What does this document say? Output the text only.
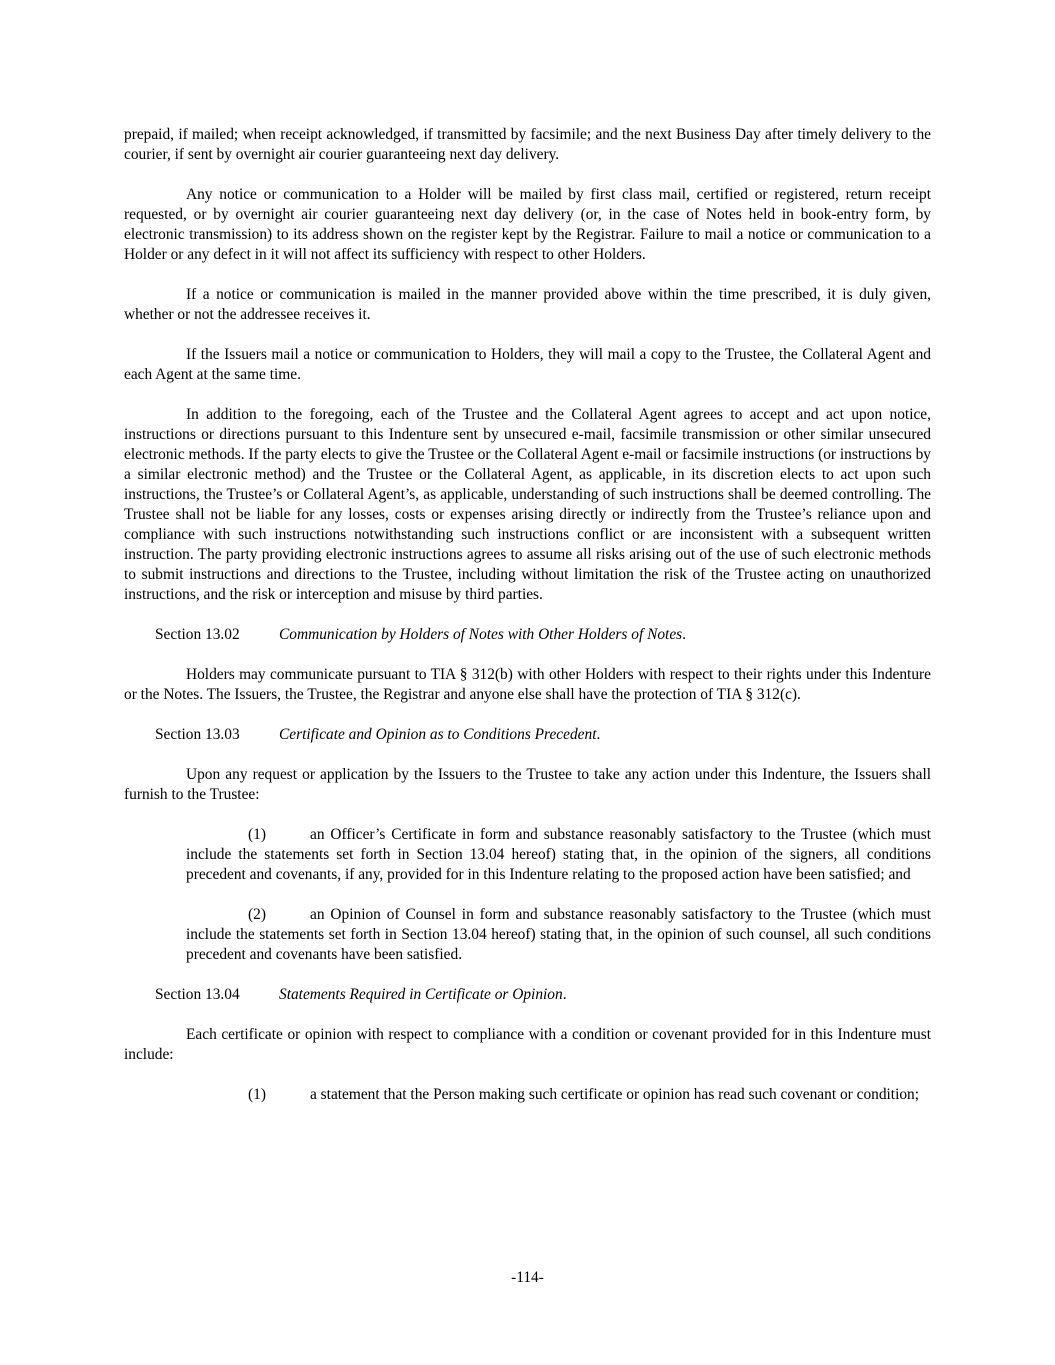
prepaid, if mailed; when receipt acknowledged, if transmitted by facsimile; and the next Business Day after timely delivery to the courier, if sent by overnight air courier guaranteeing next day delivery.

Any notice or communication to a Holder will be mailed by first class mail, certified or registered, return receipt requested, or by overnight air courier guaranteeing next day delivery (or, in the case of Notes held in book-entry form, by electronic transmission) to its address shown on the register kept by the Registrar. Failure to mail a notice or communication to a Holder or any defect in it will not affect its sufficiency with respect to other Holders.

If a notice or communication is mailed in the manner provided above within the time prescribed, it is duly given, whether or not the addressee receives it.

If the Issuers mail a notice or communication to Holders, they will mail a copy to the Trustee, the Collateral Agent and each Agent at the same time.

In addition to the foregoing, each of the Trustee and the Collateral Agent agrees to accept and act upon notice, instructions or directions pursuant to this Indenture sent by unsecured e-mail, facsimile transmission or other similar unsecured electronic methods. If the party elects to give the Trustee or the Collateral Agent e-mail or facsimile instructions (or instructions by a similar electronic method) and the Trustee or the Collateral Agent, as applicable, in its discretion elects to act upon such instructions, the Trustee’s or Collateral Agent’s, as applicable, understanding of such instructions shall be deemed controlling. The Trustee shall not be liable for any losses, costs or expenses arising directly or indirectly from the Trustee’s reliance upon and compliance with such instructions notwithstanding such instructions conflict or are inconsistent with a subsequent written instruction. The party providing electronic instructions agrees to assume all risks arising out of the use of such electronic methods to submit instructions and directions to the Trustee, including without limitation the risk of the Trustee acting on unauthorized instructions, and the risk or interception and misuse by third parties.

Section 13.02	Communication by Holders of Notes with Other Holders of Notes.

Holders may communicate pursuant to TIA § 312(b) with other Holders with respect to their rights under this Indenture or the Notes. The Issuers, the Trustee, the Registrar and anyone else shall have the protection of TIA § 312(c).

Section 13.03	Certificate and Opinion as to Conditions Precedent.

Upon any request or application by the Issuers to the Trustee to take any action under this Indenture, the Issuers shall furnish to the Trustee:

(1)	an Officer’s Certificate in form and substance reasonably satisfactory to the Trustee (which must include the statements set forth in Section 13.04 hereof) stating that, in the opinion of the signers, all conditions precedent and covenants, if any, provided for in this Indenture relating to the proposed action have been satisfied; and

(2)	an Opinion of Counsel in form and substance reasonably satisfactory to the Trustee (which must include the statements set forth in Section 13.04 hereof) stating that, in the opinion of such counsel, all such conditions precedent and covenants have been satisfied.

Section 13.04	Statements Required in Certificate or Opinion.

Each certificate or opinion with respect to compliance with a condition or covenant provided for in this Indenture must include:

(1)	a statement that the Person making such certificate or opinion has read such covenant or condition;

-114-
